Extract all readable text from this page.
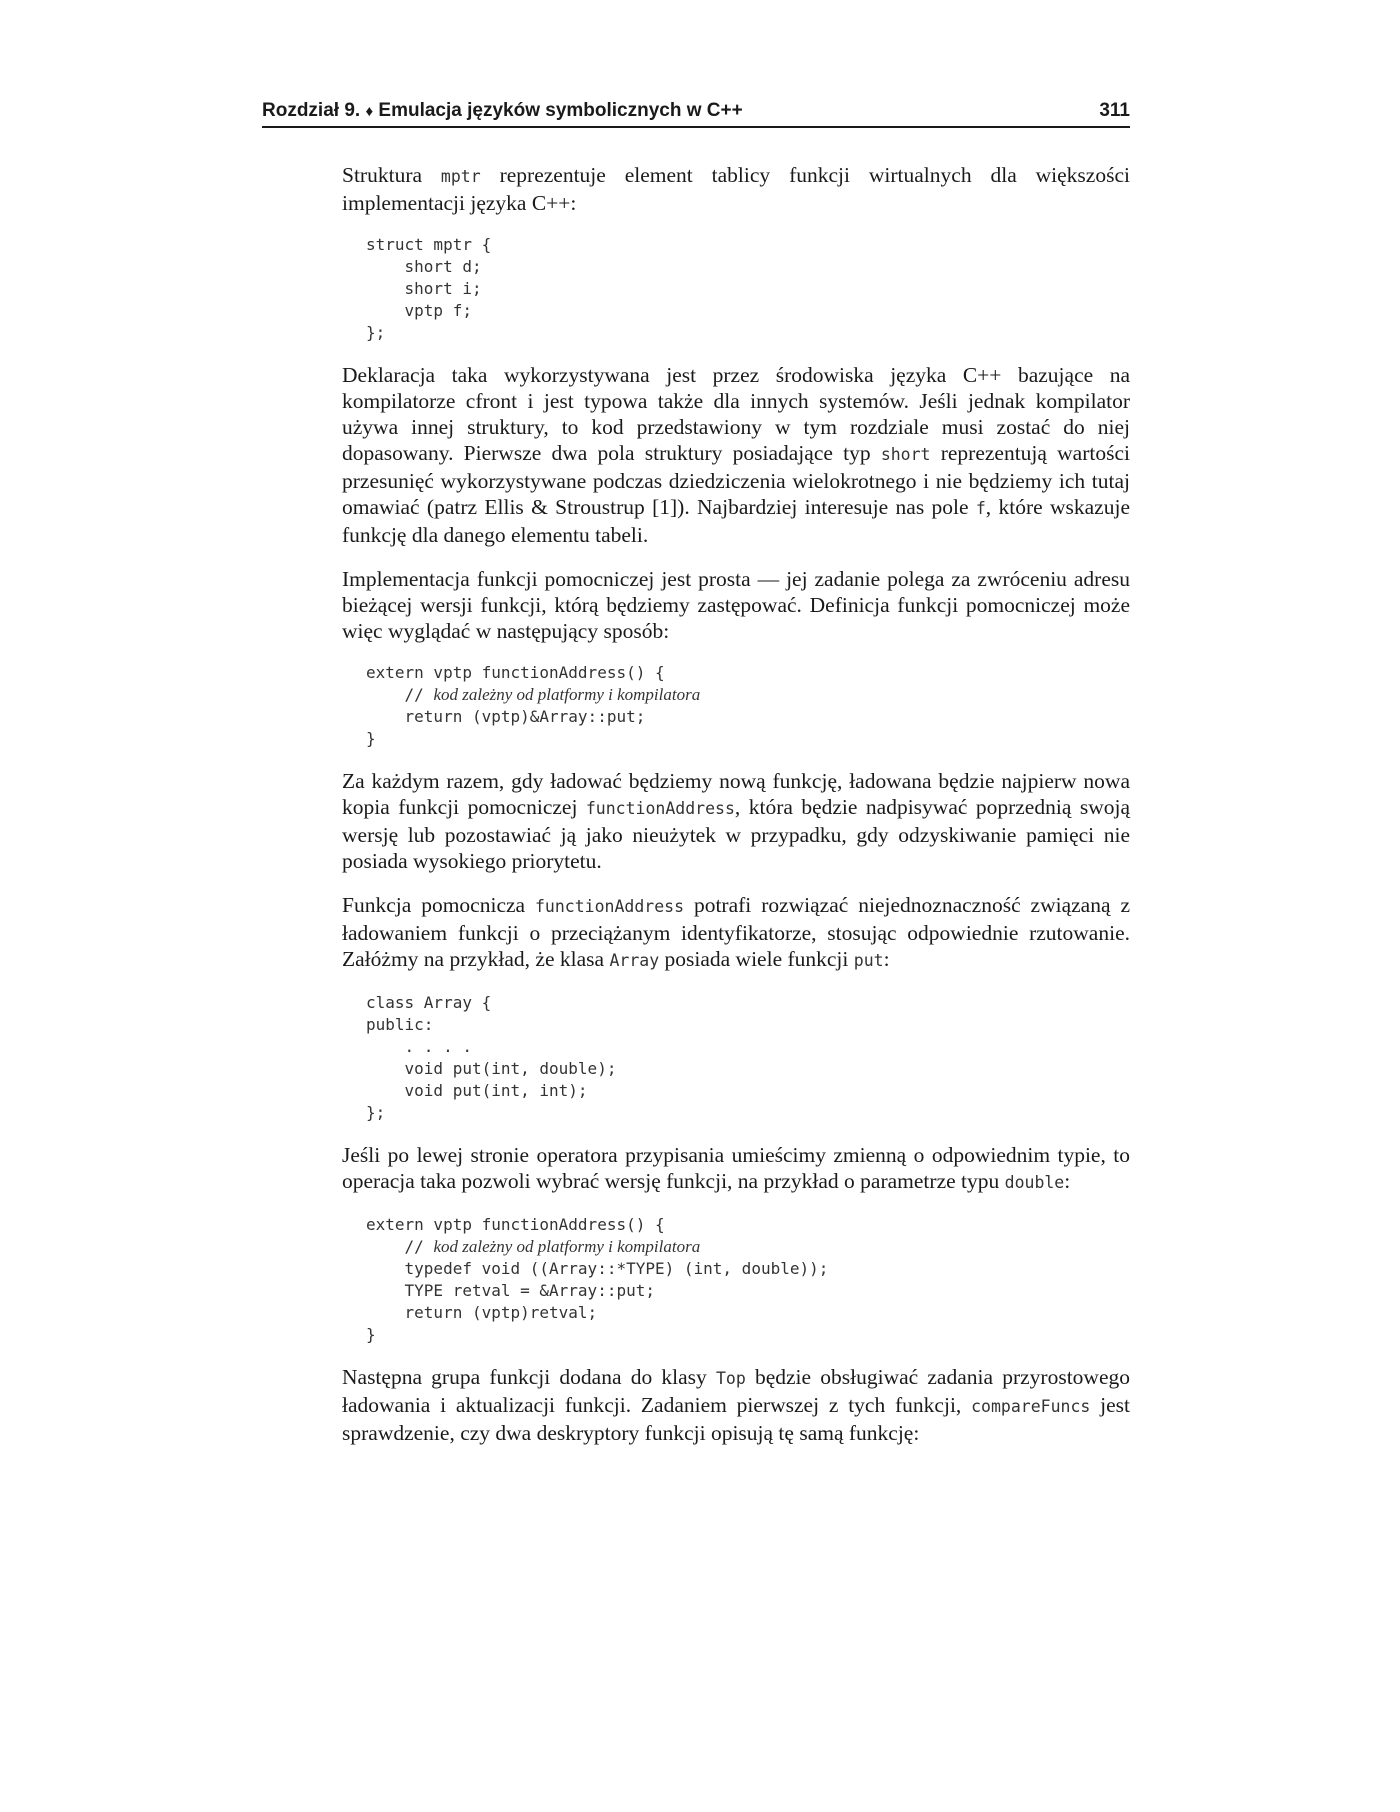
Rozdział 9. ♦ Emulacja języków symbolicznych w C++	311

Struktura mptr reprezentuje element tablicy funkcji wirtualnych dla większości implementacji języka C++:

struct mptr {
short d;
short i;
vptp f;
};

Deklaracja taka wykorzystywana jest przez środowiska języka C++ bazujące na kompilatorze cfront i jest typowa także dla innych systemów. Jeśli jednak kompilator używa innej struktury, to kod przedstawiony w tym rozdziale musi zostać do niej dopasowany. Pierwsze dwa pola struktury posiadające typ short reprezentują wartości przesunięć wykorzystywane podczas dziedziczenia wielokrotnego i nie będziemy ich tutaj omawiać (patrz Ellis & Stroustrup [1]). Najbardziej interesuje nas pole f, które wskazuje funkcję dla danego elementu tabeli.

Implementacja funkcji pomocniczej jest prosta — jej zadanie polega za zwróceniu adresu bieżącej wersji funkcji, którą będziemy zastępować. Definicja funkcji pomocniczej może więc wyglądać w następujący sposób:

extern vptp functionAddress() {
// kod zależny od platformy i kompilatora
return (vptp)&Array::put;
}

Za każdym razem, gdy ładować będziemy nową funkcję, ładowana będzie najpierw nowa kopia funkcji pomocniczej functionAddress, która będzie nadpisywać poprzednią swoją wersję lub pozostawiać ją jako nieużytek w przypadku, gdy odzyskiwanie pamięci nie posiada wysokiego priorytetu.

Funkcja pomocnicza functionAddress potrafi rozwiązać niejednoznaczność związaną z ładowaniem funkcji o przeciążanym identyfikatorze, stosując odpowiednie rzutowanie. Załóżmy na przykład, że klasa Array posiada wiele funkcji put:

class Array {
public:
. . . .
void put(int, double);
void put(int, int);
};

Jeśli po lewej stronie operatora przypisania umieścimy zmienną o odpowiednim typie, to operacja taka pozwoli wybrać wersję funkcji, na przykład o parametrze typu double:

extern vptp functionAddress() {
// kod zależny od platformy i kompilatora
typedef void ((Array::*TYPE) (int, double));
TYPE retval = &Array::put;
return (vptp)retval;
}

Następna grupa funkcji dodana do klasy Top będzie obsługiwać zadania przyrostowego ładowania i aktualizacji funkcji. Zadaniem pierwszej z tych funkcji, compareFuncs jest sprawdzenie, czy dwa deskryptory funkcji opisują tę samą funkcję:
